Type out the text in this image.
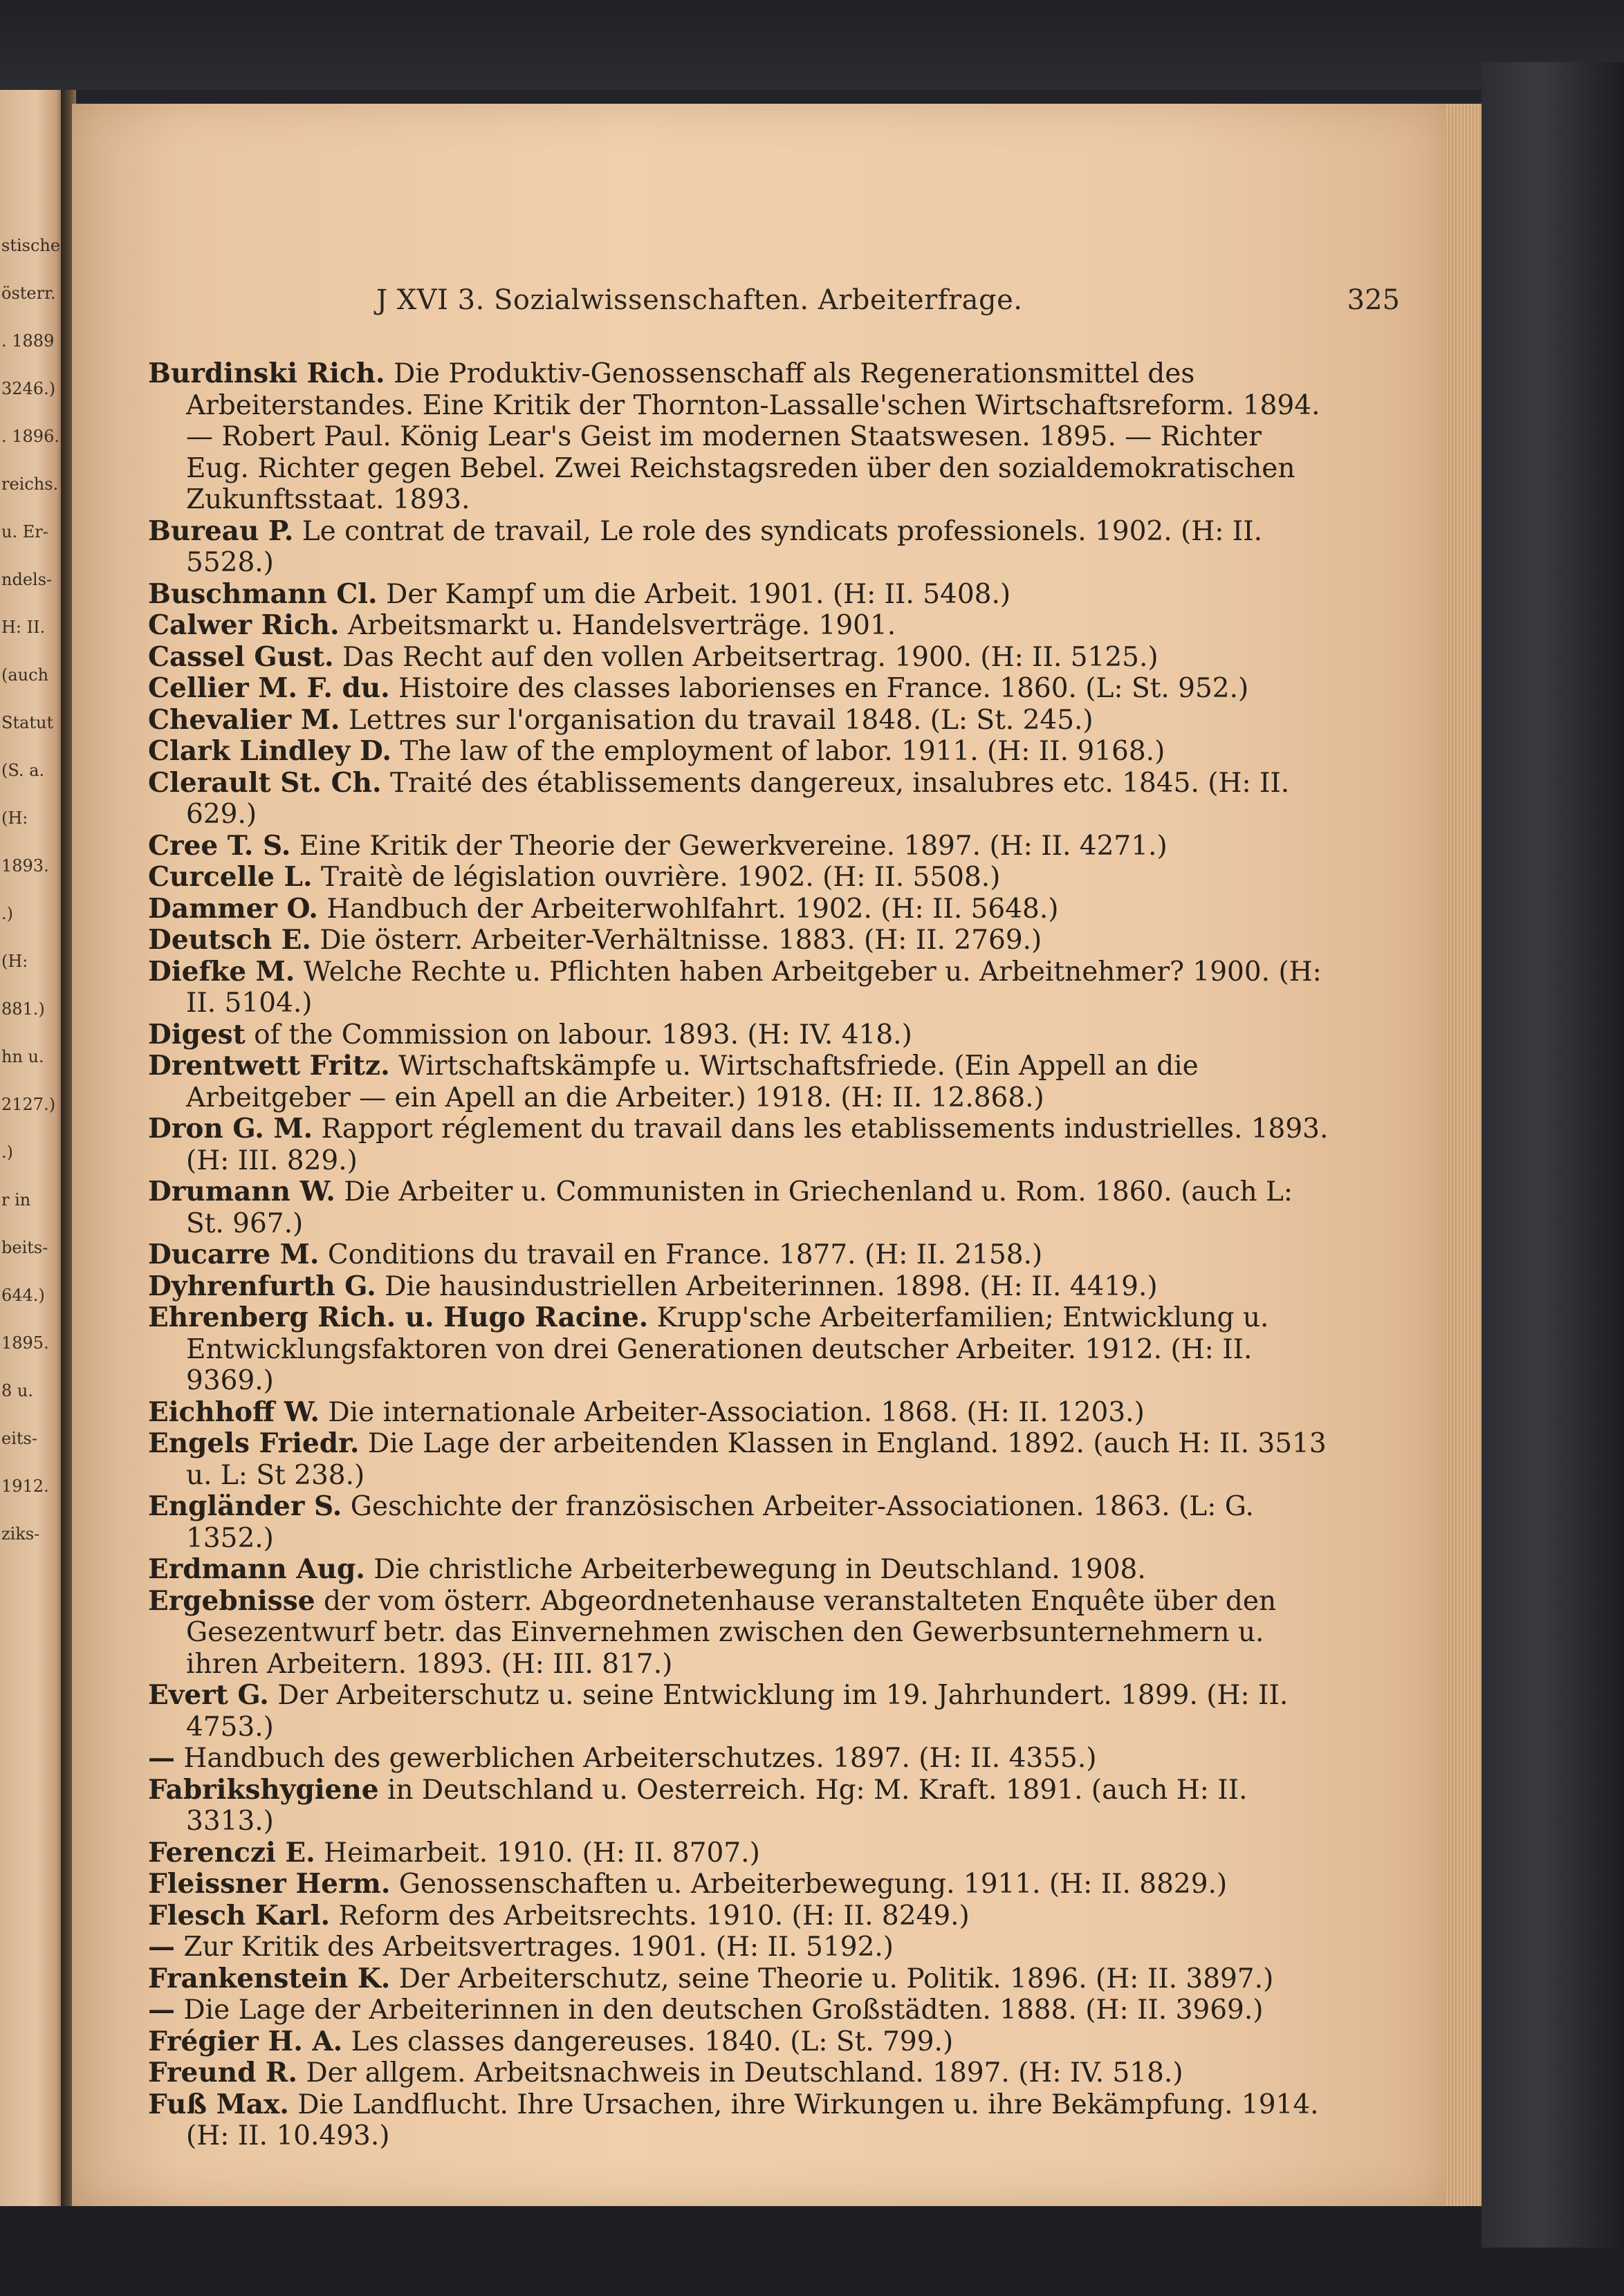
stische
österr.
. 1889
3246.)
. 1896.
reichs.
u. Er-
ndels-
H: II.
(auch
Statut
(S. a.
(H:
1893.
.)
(H:
881.)
hn u.
2127.)
.)
r in
beits-
644.)
1895.
8 u.
eits-
1912.
ziks-
J XVI 3. Sozialwissenschaften. Arbeiterfrage.	325
Burdinski Rich. Die Produktiv-Genossenschaff als Regenerationsmittel des Arbeiterstandes. Eine Kritik der Thornton-Lassalle'schen Wirtschaftsreform. 1894. — Robert Paul. König Lear's Geist im modernen Staatswesen. 1895. — Richter Eug. Richter gegen Bebel. Zwei Reichstagsreden über den sozialdemokratischen Zukunftsstaat. 1893.
Bureau P. Le contrat de travail, Le role des syndicats professionels. 1902. (H: II. 5528.)
Buschmann Cl. Der Kampf um die Arbeit. 1901. (H: II. 5408.)
Calwer Rich. Arbeitsmarkt u. Handelsverträge. 1901.
Cassel Gust. Das Recht auf den vollen Arbeitsertrag. 1900. (H: II. 5125.)
Cellier M. F. du. Histoire des classes laborienses en France. 1860. (L: St. 952.)
Chevalier M. Lettres sur l'organisation du travail 1848. (L: St. 245.)
Clark Lindley D. The law of the employment of labor. 1911. (H: II. 9168.)
Clerault St. Ch. Traité des établissements dangereux, insalubres etc. 1845. (H: II. 629.)
Cree T. S. Eine Kritik der Theorie der Gewerkvereine. 1897. (H: II. 4271.)
Curcelle L. Traitè de législation ouvrière. 1902. (H: II. 5508.)
Dammer O. Handbuch der Arbeiterwohlfahrt. 1902. (H: II. 5648.)
Deutsch E. Die österr. Arbeiter-Verhältnisse. 1883. (H: II. 2769.)
Diefke M. Welche Rechte u. Pflichten haben Arbeitgeber u. Arbeitnehmer? 1900. (H: II. 5104.)
Digest of the Commission on labour. 1893. (H: IV. 418.)
Drentwett Fritz. Wirtschaftskämpfe u. Wirtschaftsfriede. (Ein Appell an die Arbeitgeber — ein Apell an die Arbeiter.) 1918. (H: II. 12.868.)
Dron G. M. Rapport réglement du travail dans les etablissements industrielles. 1893. (H: III. 829.)
Drumann W. Die Arbeiter u. Communisten in Griechenland u. Rom. 1860. (auch L: St. 967.)
Ducarre M. Conditions du travail en France. 1877. (H: II. 2158.)
Dyhrenfurth G. Die hausindustriellen Arbeiterinnen. 1898. (H: II. 4419.)
Ehrenberg Rich. u. Hugo Racine. Krupp'sche Arbeiterfamilien; Entwicklung u. Entwicklungsfaktoren von drei Generationen deutscher Arbeiter. 1912. (H: II. 9369.)
Eichhoff W. Die internationale Arbeiter-Association. 1868. (H: II. 1203.)
Engels Friedr. Die Lage der arbeitenden Klassen in England. 1892. (auch H: II. 3513 u. L: St 238.)
Engländer S. Geschichte der französischen Arbeiter-Associationen. 1863. (L: G. 1352.)
Erdmann Aug. Die christliche Arbeiterbewegung in Deutschland. 1908.
Ergebnisse der vom österr. Abgeordnetenhause veranstalteten Enquête über den Gesezentwurf betr. das Einvernehmen zwischen den Gewerbsunternehmern u. ihren Arbeitern. 1893. (H: III. 817.)
Evert G. Der Arbeiterschutz u. seine Entwicklung im 19. Jahrhundert. 1899. (H: II. 4753.)
— Handbuch des gewerblichen Arbeiterschutzes. 1897. (H: II. 4355.)
Fabrikshygiene in Deutschland u. Oesterreich. Hg: M. Kraft. 1891. (auch H: II. 3313.)
Ferenczi E. Heimarbeit. 1910. (H: II. 8707.)
Fleissner Herm. Genossenschaften u. Arbeiterbewegung. 1911. (H: II. 8829.)
Flesch Karl. Reform des Arbeitsrechts. 1910. (H: II. 8249.)
— Zur Kritik des Arbeitsvertrages. 1901. (H: II. 5192.)
Frankenstein K. Der Arbeiterschutz, seine Theorie u. Politik. 1896. (H: II. 3897.)
— Die Lage der Arbeiterinnen in den deutschen Großstädten. 1888. (H: II. 3969.)
Frégier H. A. Les classes dangereuses. 1840. (L: St. 799.)
Freund R. Der allgem. Arbeitsnachweis in Deutschland. 1897. (H: IV. 518.)
Fuß Max. Die Landflucht. Ihre Ursachen, ihre Wirkungen u. ihre Bekämpfung. 1914. (H: II. 10.493.)
